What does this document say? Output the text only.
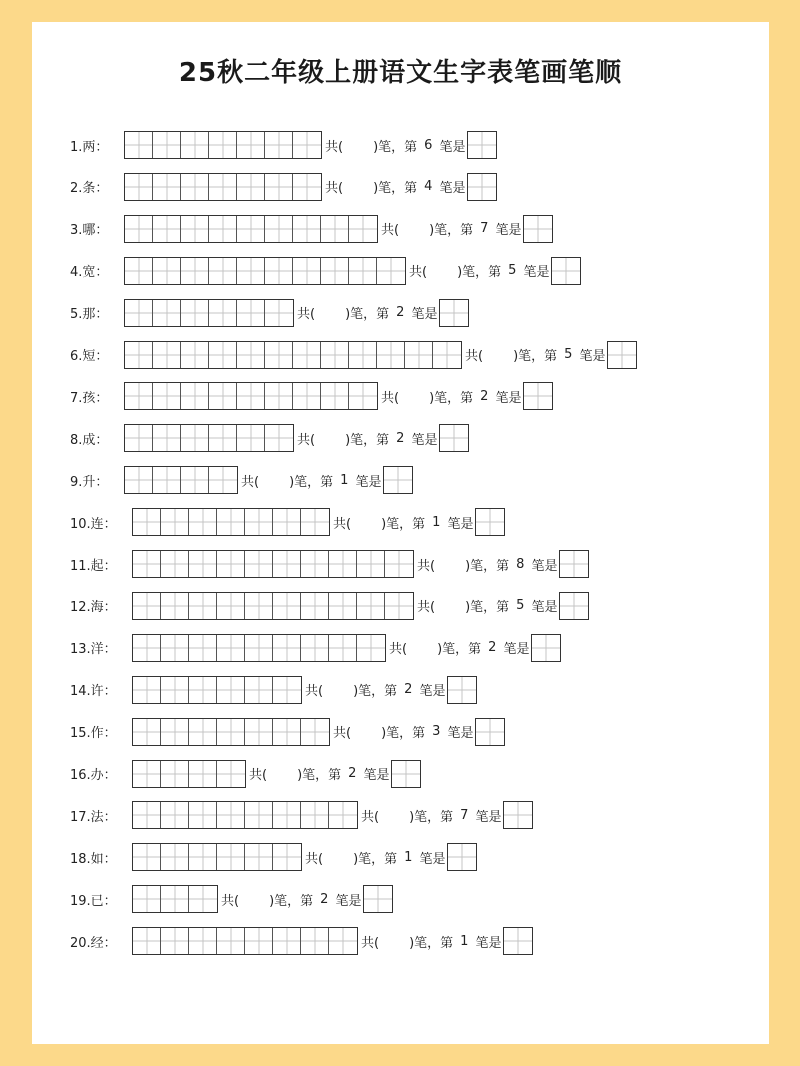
25秋二年级上册语文生字表笔画笔顺
1.两：	共( )笔，第 6 笔是
2.条：	共( )笔，第 4 笔是
3.哪：	共( )笔，第 7 笔是
4.宽：	共( )笔，第 5 笔是
5.那：	共( )笔，第 2 笔是
6.短：	共( )笔，第 5 笔是
7.孩：	共( )笔，第 2 笔是
8.成：	共( )笔，第 2 笔是
9.升：	共( )笔，第 1 笔是
10.连：	共( )笔，第 1 笔是
11.起：	共( )笔，第 8 笔是
12.海：	共( )笔，第 5 笔是
13.洋：	共( )笔，第 2 笔是
14.许：	共( )笔，第 2 笔是
15.作：	共( )笔，第 3 笔是
16.办：	共( )笔，第 2 笔是
17.法：	共( )笔，第 7 笔是
18.如：	共( )笔，第 1 笔是
19.已：	共( )笔，第 2 笔是
20.经：	共( )笔，第 1 笔是
